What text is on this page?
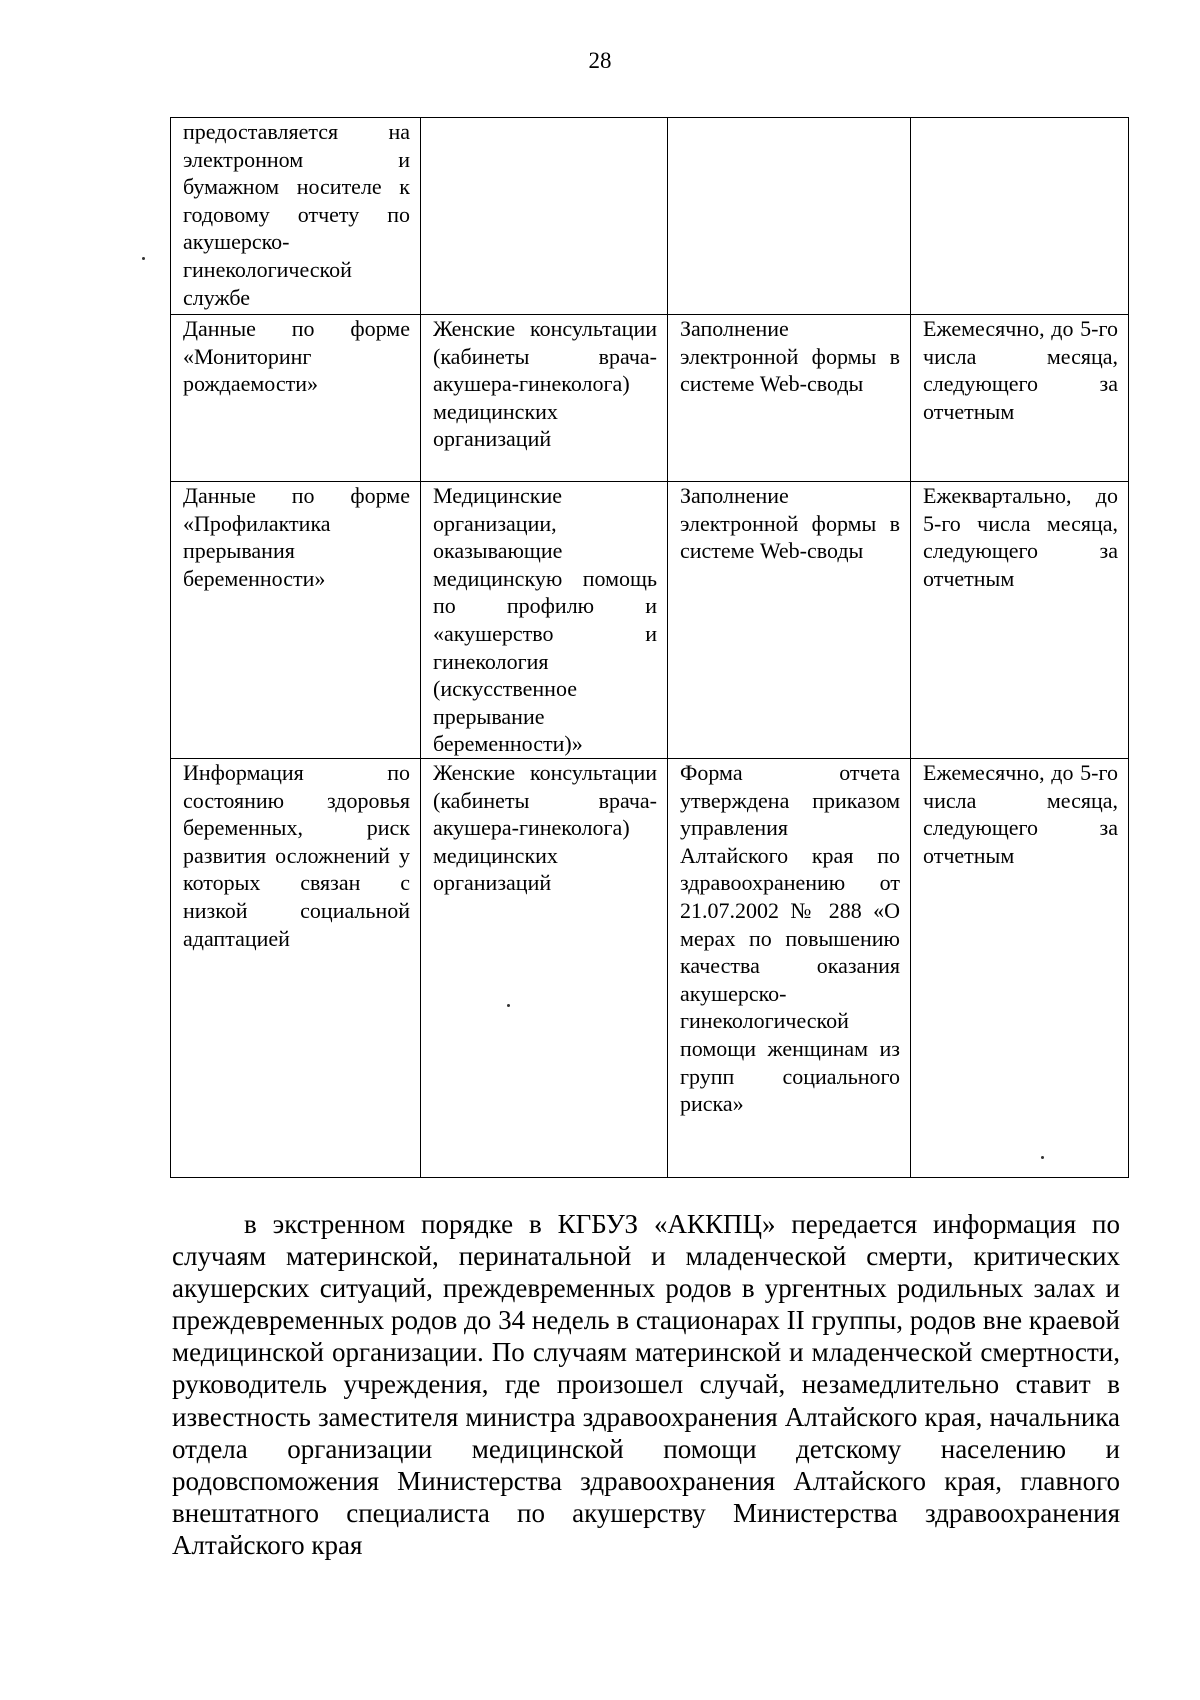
28
предоставляется на электронном и бумажном носителе к годовому отчету по акушерско-гинекологической службе			
Данные по форме «Мониторинг рождаемости»	Женские консультации (кабинеты врача-акушера-гинеколога) медицинских организаций	Заполнение электронной формы в системе Web-своды	Ежемесячно, до 5-го числа месяца, следующего за отчетным
Данные по форме «Профилактика прерывания беременности»	Медицинские организации, оказывающие медицинскую помощь по профилю и «акушерство и гинекология (искусственное прерывание беременности)»	Заполнение электронной формы в системе Web-своды	Ежеквартально, до 5-го числа месяца, следующего за отчетным
Информация по состоянию здоровья беременных, риск развития осложнений у которых связан с низкой социальной адаптацией	Женские консультации (кабинеты врача-акушера-гинеколога) медицинских организаций	Форма отчета утверждена приказом управления Алтайского края по здравоохранению от 21.07.2002 № 288 «О мерах по повышению качества оказания акушерско-гинекологической помощи женщинам из групп социального риска»	Ежемесячно, до 5-го числа месяца, следующего за отчетным

в экстренном порядке в КГБУЗ «АККПЦ» передается информация по случаям материнской, перинатальной и младенческой смерти, критических акушерских ситуаций, преждевременных родов в ургентных родильных залах и преждевременных родов до 34 недель в стационарах II группы, родов вне краевой медицинской организации. По случаям материнской и младенческой смертности, руководитель учреждения, где произошел случай, незамедлительно ставит в известность заместителя министра здравоохранения Алтайского края, начальника отдела организации медицинской помощи детскому населению и родовспоможения Министерства здравоохранения Алтайского края, главного внештатного специалиста по акушерству Министерства здравоохранения Алтайского края
